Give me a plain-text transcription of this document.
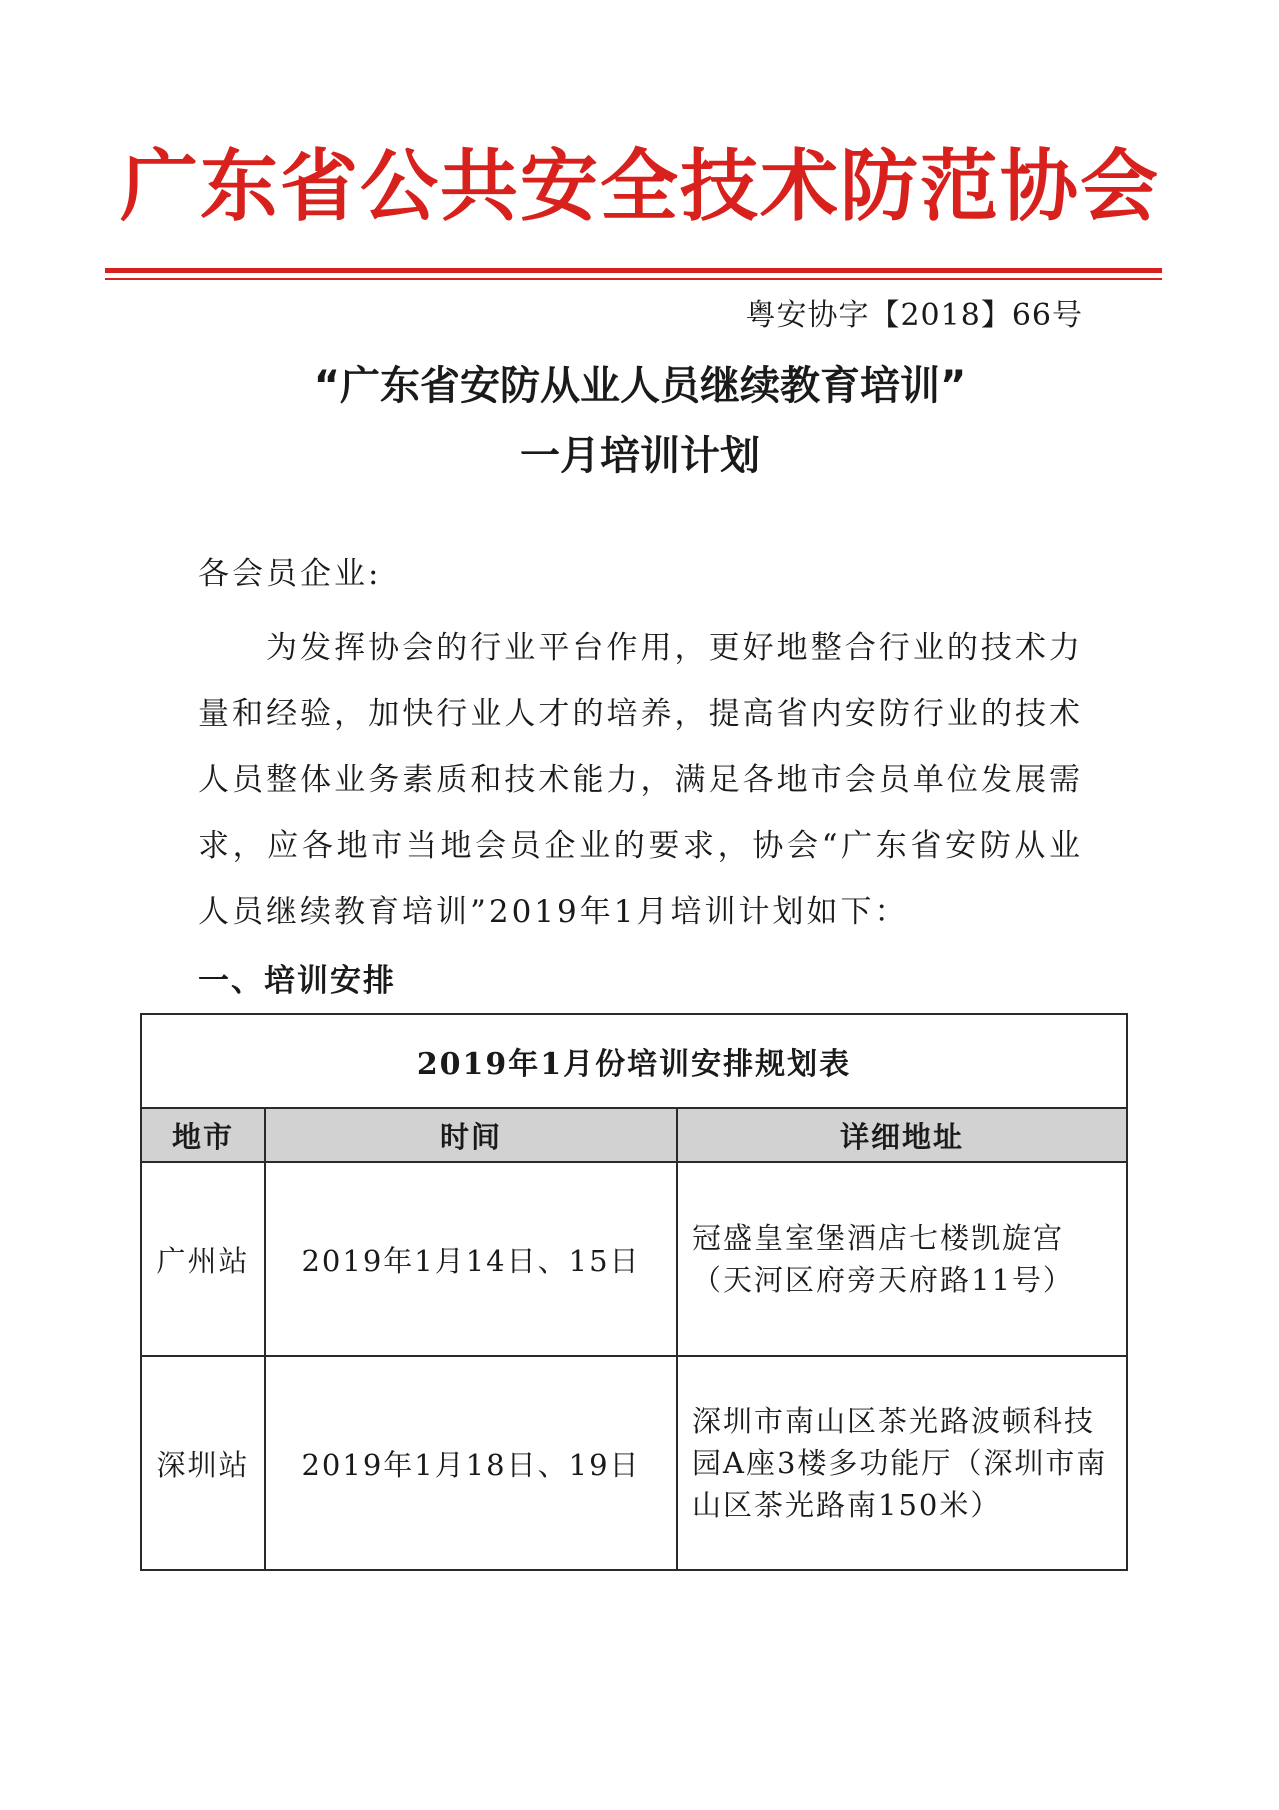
广东省公共安全技术防范协会
粤安协字【2018】66号
“广东省安防从业人员继续教育培训”
一月培训计划
各会员企业:
为发挥协会的行业平台作用，更好地整合行业的技术力量和经验，加快行业人才的培养，提高省内安防行业的技术人员整体业务素质和技术能力，满足各地市会员单位发展需求，应各地市当地会员企业的要求，协会“广东省安防从业人员继续教育培训”2019年1月培训计划如下：
一、培训安排
2019年1月份培训安排规划表		
地市	时间	详细地址
广州站	2019年1月14日、15日	冠盛皇室堡酒店七楼凯旋宫（天河区府旁天府路11号）
深圳站	2019年1月18日、19日	深圳市南山区茶光路波顿科技园A座3楼多功能厅（深圳市南山区茶光路南150米）
